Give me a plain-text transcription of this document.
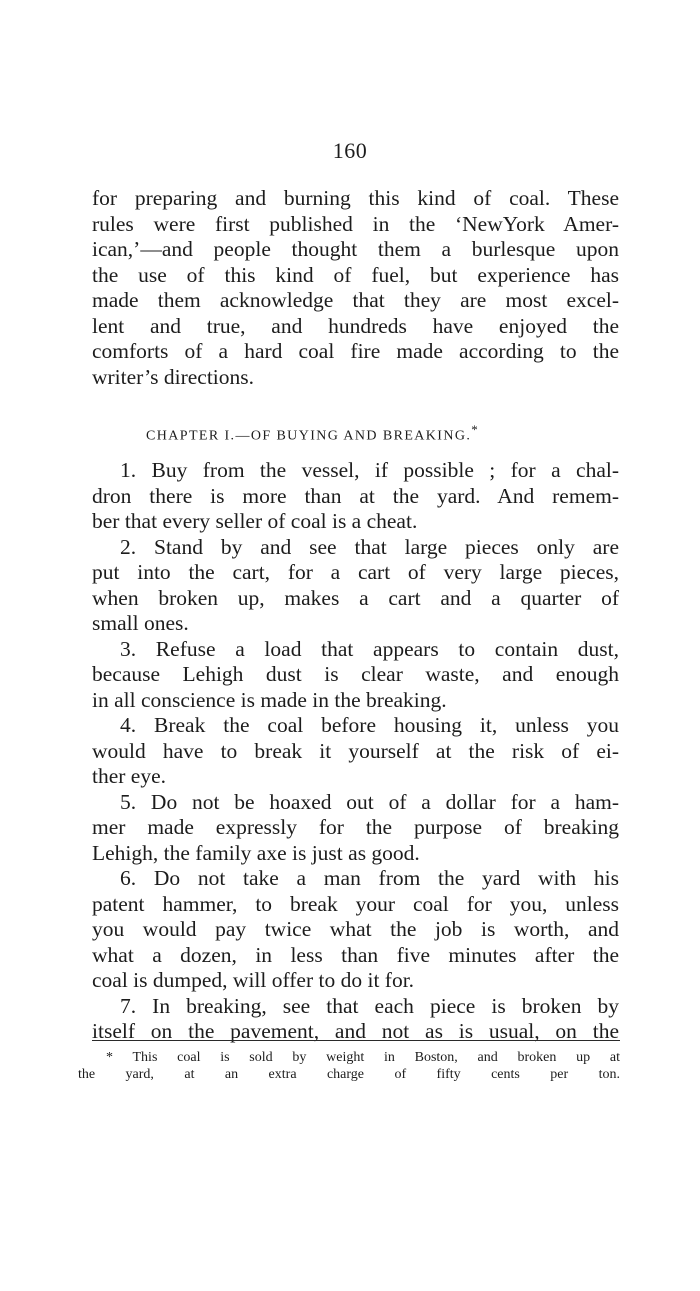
160
for preparing and burning this kind of coal. These
rules were first published in the ‘NewYork Amer-
ican,’—and people thought them a burlesque upon
the use of this kind of fuel, but experience has
made them acknowledge that they are most excel-
lent and true, and hundreds have enjoyed the
comforts of a hard coal fire made according to the
writer’s directions.
CHAPTER I.—OF BUYING AND BREAKING.*
1. Buy from the vessel, if possible ; for a chal-
dron there is more than at the yard. And remem-
ber that every seller of coal is a cheat.
2. Stand by and see that large pieces only are
put into the cart, for a cart of very large pieces,
when broken up, makes a cart and a quarter of
small ones.
3. Refuse a load that appears to contain dust,
because Lehigh dust is clear waste, and enough
in all conscience is made in the breaking.
4. Break the coal before housing it, unless you
would have to break it yourself at the risk of ei-
ther eye.
5. Do not be hoaxed out of a dollar for a ham-
mer made expressly for the purpose of breaking
Lehigh, the family axe is just as good.
6. Do not take a man from the yard with his
patent hammer, to break your coal for you, unless
you would pay twice what the job is worth, and
what a dozen, in less than five minutes after the
coal is dumped, will offer to do it for.
7. In breaking, see that each piece is broken by
itself on the pavement, and not as is usual, on the
* This coal is sold by weight in Boston, and broken up at
the yard, at an extra charge of fifty cents per ton.
